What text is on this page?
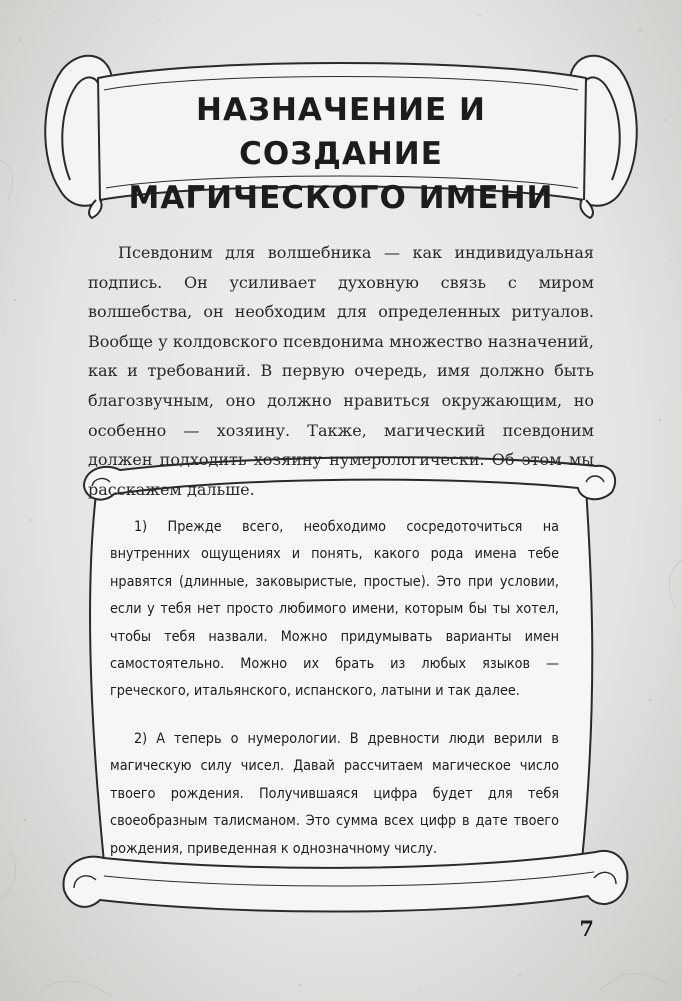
НАЗНАЧЕНИЕ И СОЗДАНИЕ
МАГИЧЕСКОГО ИМЕНИ

Псевдоним для волшебника — как индивидуальная подпись. Он усиливает духовную связь с миром волшебства, он необходим для определенных ритуалов. Вообще у колдовского псевдонима множество назначений, как и требований. В первую очередь, имя должно быть благозвучным, оно должно нравиться окружающим, но особенно — хозяину. Также, магический псевдоним должен подходить хозяину нумерологически. Об этом мы расскажем дальше.

1) Прежде всего, необходимо сосредоточиться на внутренних ощущениях и понять, какого рода имена тебе нравятся (длинные, заковыристые, простые). Это при условии, если у тебя нет просто любимого имени, которым бы ты хотел, чтобы тебя назвали. Можно придумывать варианты имен самостоятельно. Можно их брать из любых языков — греческого, итальянского, испанского, латыни и так далее.

2) А теперь о нумерологии. В древности люди верили в магическую силу чисел. Давай рассчитаем магическое число твоего рождения. Получившаяся цифра будет для тебя своеобразным талисманом. Это сумма всех цифр в дате твоего рождения, приведенная к однозначному числу.

7
